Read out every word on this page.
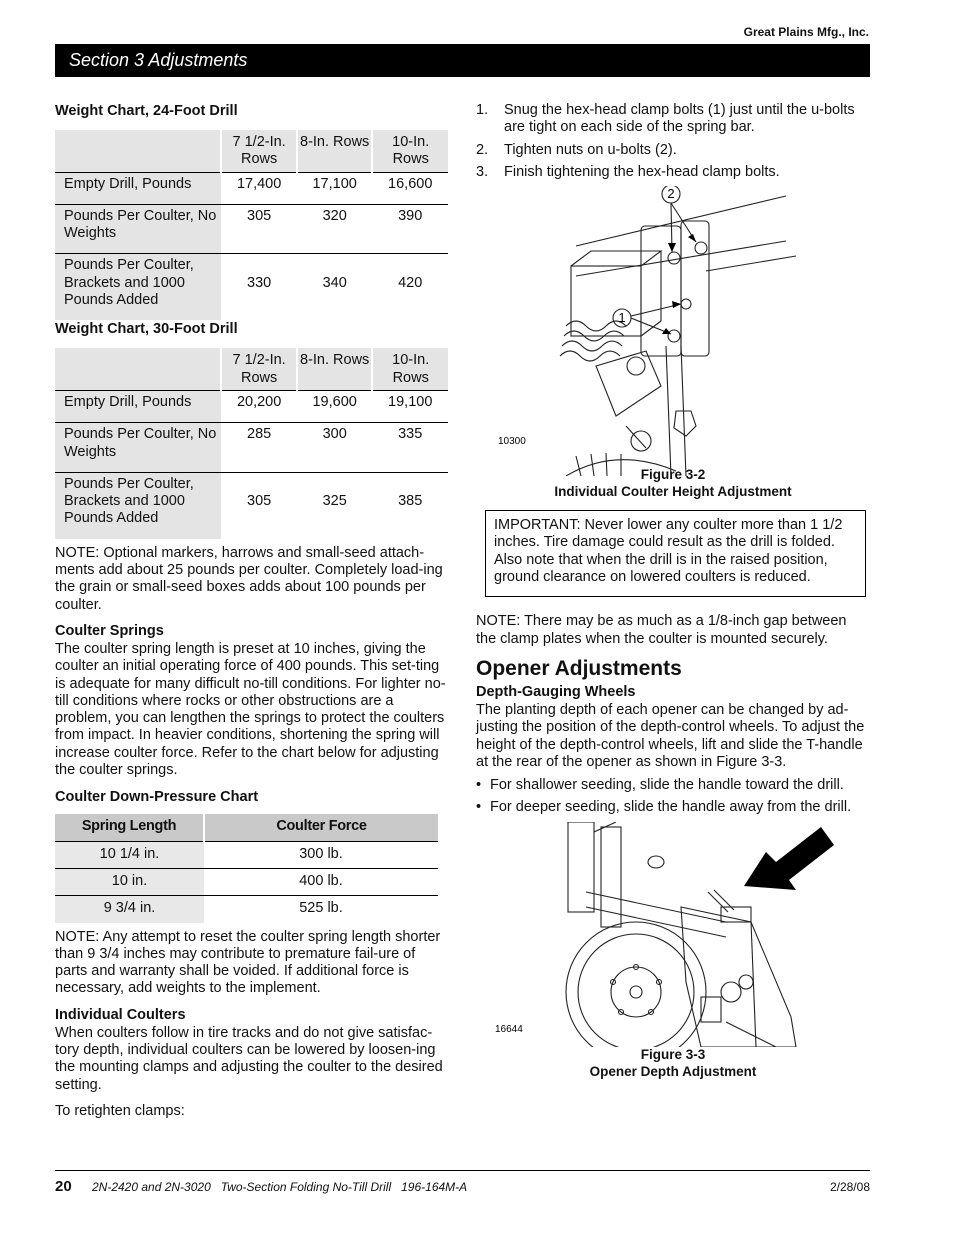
Great Plains Mfg., Inc.
Section 3 Adjustments
Weight Chart, 24-Foot Drill
	7 1/2-In. Rows	8-In. Rows	10-In. Rows
Empty Drill, Pounds	17,400	17,100	16,600
Pounds Per Coulter, No Weights	305	320	390
Pounds Per Coulter, Brackets and 1000 Pounds Added	330	340	420
Weight Chart, 30-Foot Drill
	7 1/2-In. Rows	8-In. Rows	10-In. Rows
Empty Drill, Pounds	20,200	19,600	19,100
Pounds Per Coulter, No Weights	285	300	335
Pounds Per Coulter, Brackets and 1000 Pounds Added	305	325	385

NOTE: Optional markers, harrows and small-seed attach-ments add about 25 pounds per coulter. Completely load-ing the grain or small-seed boxes adds about 100 pounds per coulter.

Coulter Springs

The coulter spring length is preset at 10 inches, giving the coulter an initial operating force of 400 pounds. This set-ting is adequate for many difficult no-till conditions. For lighter no-till conditions where rocks or other obstructions are a problem, you can lengthen the springs to protect the coulters from impact. In heavier conditions, shortening the spring will increase coulter force. Refer to the chart below for adjusting the coulter springs.

Coulter Down-Pressure Chart
Spring Length	Coulter Force
10 1/4 in.	300 lb.
10 in.	400 lb.
9 3/4 in.	525 lb.

NOTE: Any attempt to reset the coulter spring length shorter than 9 3/4 inches may contribute to premature fail-ure of parts and warranty shall be voided. If additional force is necessary, add weights to the implement.

Individual Coulters

When coulters follow in tire tracks and do not give satisfac-tory depth, individual coulters can be lowered by loosen-ing the mounting clamps and adjusting the coulter to the desired setting.

To retighten clamps:

1. Snug the hex-head clamp bolts (1) just until the u-bolts are tight on each side of the spring bar.
2. Tighten nuts on u-bolts (2).
3. Finish tightening the hex-head clamp bolts.
2
1
10300
Figure 3-2
Individual Coulter Height Adjustment

IMPORTANT: Never lower any coulter more than 1 1/2 inches. Tire damage could result as the drill is folded. Also note that when the drill is in the raised position, ground clearance on lowered coulters is reduced.

NOTE: There may be as much as a 1/8-inch gap between the clamp plates when the coulter is mounted securely.

Opener Adjustments
Depth-Gauging Wheels

The planting depth of each opener can be changed by ad-justing the position of the depth-control wheels. To adjust the height of the depth-control wheels, lift and slide the T-handle at the rear of the opener as shown in Figure 3-3.

• For shallower seeding, slide the handle toward the drill.
• For deeper seeding, slide the handle away from the drill.
16644
Figure 3-3
Opener Depth Adjustment
20 2N-2420 and 2N-3020   Two-Section Folding No-Till Drill   196-164M-A	2/28/08
